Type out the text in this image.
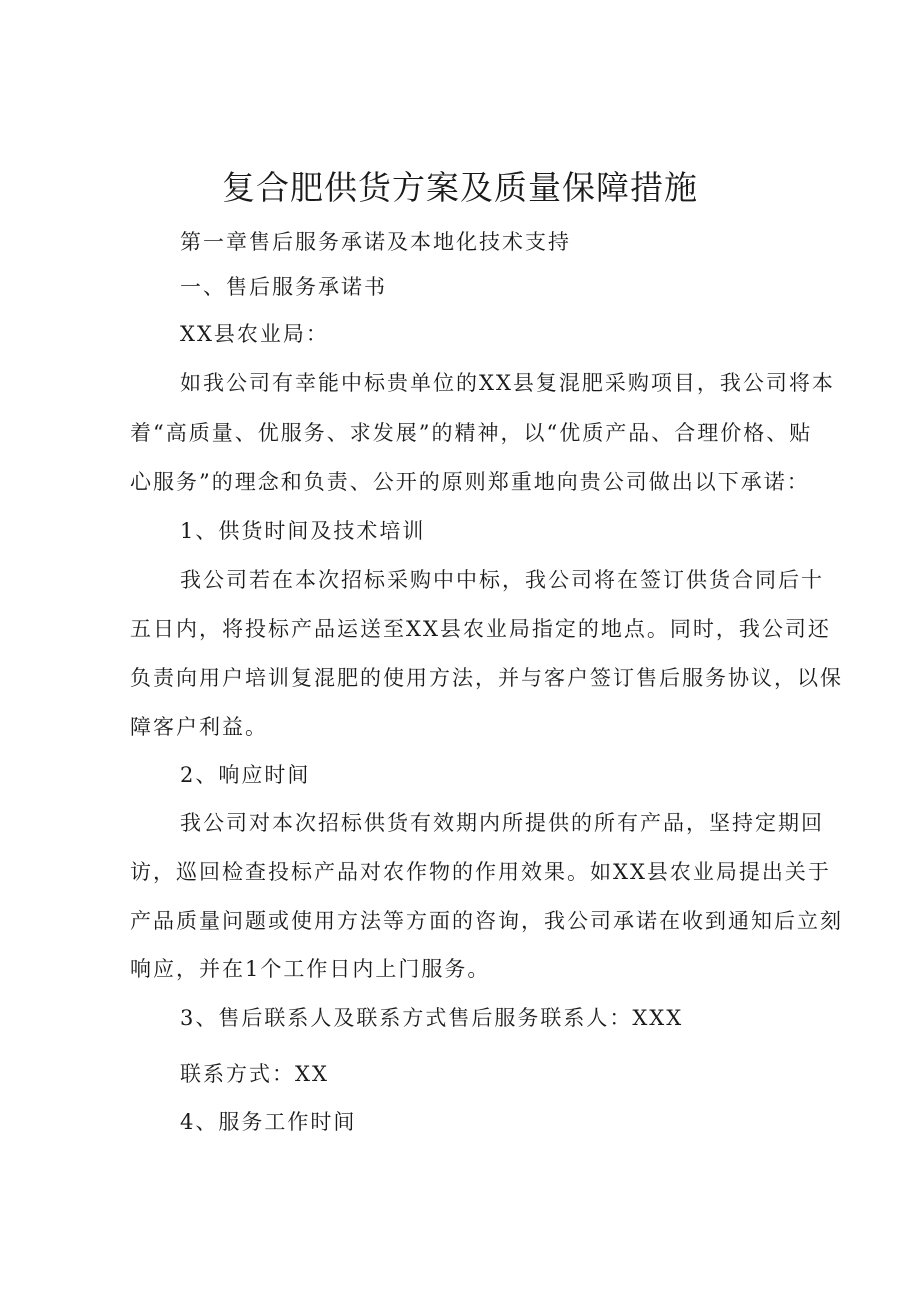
复合肥供货方案及质量保障措施
第一章售后服务承诺及本地化技术支持
一、售后服务承诺书
XX县农业局：
如我公司有幸能中标贵单位的XX县复混肥采购项目，我公司将本
着“高质量、优服务、求发展”的精神，以“优质产品、合理价格、贴
心服务”的理念和负责、公开的原则郑重地向贵公司做出以下承诺：
1、供货时间及技术培训
我公司若在本次招标采购中中标，我公司将在签订供货合同后十
五日内，将投标产品运送至XX县农业局指定的地点。同时，我公司还
负责向用户培训复混肥的使用方法，并与客户签订售后服务协议，以保
障客户利益。
2、响应时间
我公司对本次招标供货有效期内所提供的所有产品，坚持定期回
访，巡回检查投标产品对农作物的作用效果。如XX县农业局提出关于
产品质量问题或使用方法等方面的咨询，我公司承诺在收到通知后立刻
响应，并在1个工作日内上门服务。
3、售后联系人及联系方式售后服务联系人：XXX
联系方式：XX
4、服务工作时间
